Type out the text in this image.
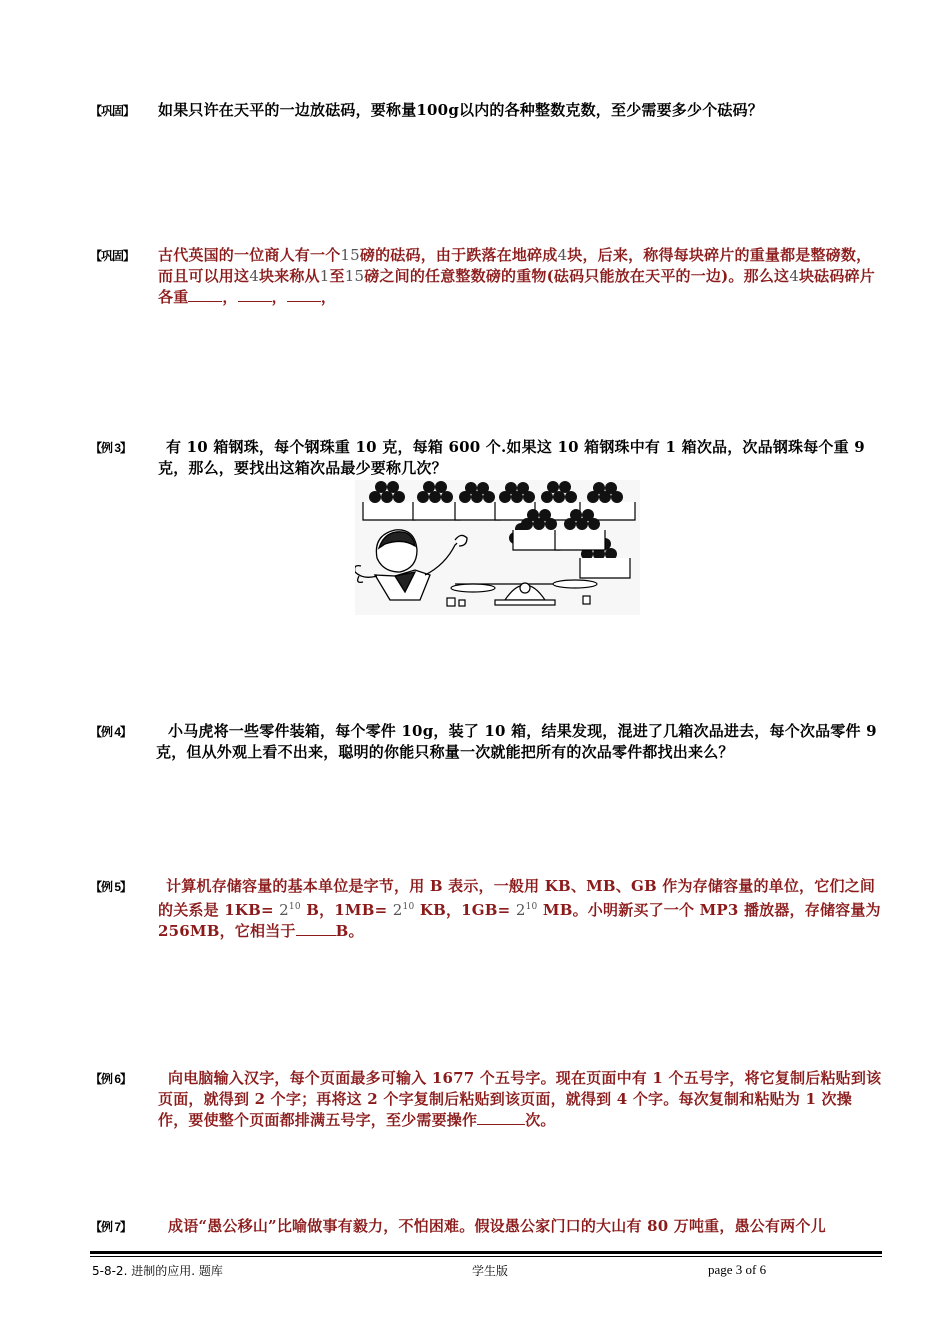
【巩固】 如果只许在天平的一边放砝码，要称量100g以内的各种整数克数，至少需要多少个砝码？
【巩固】 古代英国的一位商人有一个15磅的砝码，由于跌落在地碎成4块，后来，称得每块碎片的重量都是整磅数，而且可以用这4块来称从1至15磅之间的任意整数磅的重物(砝码只能放在天平的一边)。那么这4块砝码碎片各重 ， ， ，
【例 3】	有 10 箱钢珠，每个钢珠重 10 克，每箱 600 个.如果这 10 箱钢珠中有 1 箱次品，次品钢珠每个重 9 克，那么，要找出这箱次品最少要称几次？
【例 4】	小马虎将一些零件装箱，每个零件 10g，装了 10 箱，结果发现，混进了几箱次品进去，每个次品零件 9 克，但从外观上看不出来，聪明的你能只称量一次就能把所有的次品零件都找出来么？
【例 5】	计算机存储容量的基本单位是字节，用 B 表示，一般用 KB、MB、GB 作为存储容量的单位，它们之间的关系是 $1KB= 2^{10}$ B，$1MB= 2^{10}$ KB，$1GB= 2^{10}$ MB。小明新买了一个 MP3 播放器，存储容量为 256MB，它相当于	B。
【例 6】	向电脑输入汉字，每个页面最多可输入 1677 个五号字。现在页面中有 1 个五号字，将它复制后粘贴到该页面，就得到 2 个字；再将这 2 个字复制后粘贴到该页面，就得到 4 个字。每次复制和粘贴为 1 次操作，要使整个页面都排满五号字，至少需要操作	次。
【例 7】	成语“愚公移山”比喻做事有毅力，不怕困难。假设愚公家门口的大山有 80 万吨重，愚公有两个儿
5-8-2. 进制的应用. 题库	学生版	page 3 of 6
